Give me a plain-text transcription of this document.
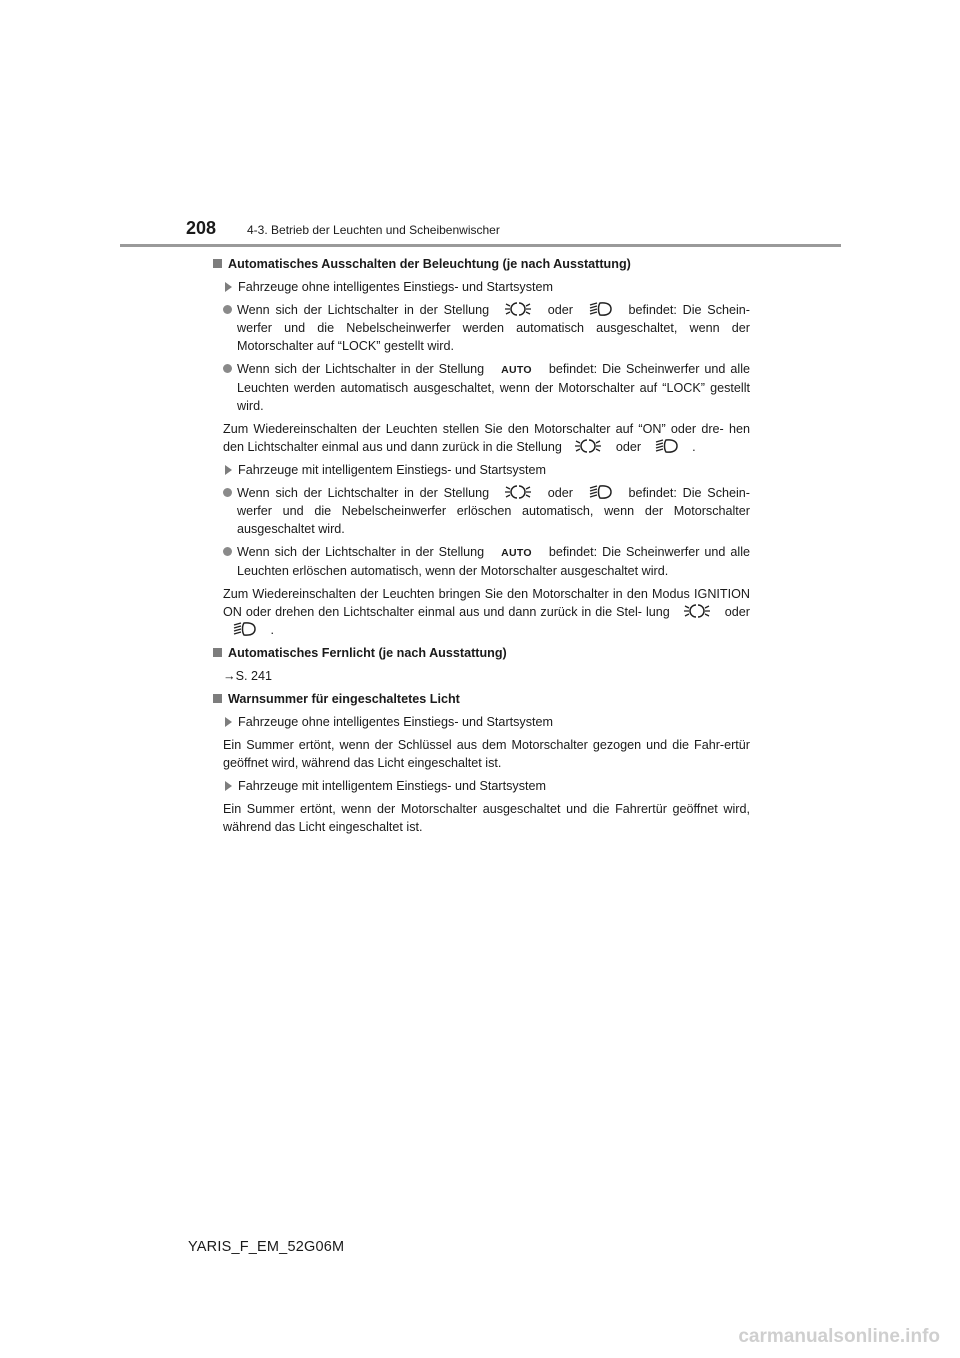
208	4-3. Betrieb der Leuchten und Scheibenwischer
Automatisches Ausschalten der Beleuchtung (je nach Ausstattung)
Fahrzeuge ohne intelligentes Einstiegs- und Startsystem
Wenn sich der Lichtschalter in der Stellung	oder	befindet: Die Schein- werfer und die Nebelscheinwerfer werden automatisch ausgeschaltet, wenn der Motorschalter auf “LOCK” gestellt wird.
Wenn sich der Lichtschalter in der Stellung AUTO befindet: Die Scheinwerfer und alle Leuchten werden automatisch ausgeschaltet, wenn der Motorschalter auf “LOCK” gestellt wird.
Zum Wiedereinschalten der Leuchten stellen Sie den Motorschalter auf “ON” oder dre- hen den Lichtschalter einmal aus und dann zurück in die Stellung	oder	.
Fahrzeuge mit intelligentem Einstiegs- und Startsystem
Wenn sich der Lichtschalter in der Stellung	oder	befindet: Die Schein- werfer und die Nebelscheinwerfer erlöschen automatisch, wenn der Motorschalter ausgeschaltet wird.
Wenn sich der Lichtschalter in der Stellung AUTO befindet: Die Scheinwerfer und alle Leuchten erlöschen automatisch, wenn der Motorschalter ausgeschaltet wird.
Zum Wiedereinschalten der Leuchten bringen Sie den Motorschalter in den Modus IGNITION ON oder drehen den Lichtschalter einmal aus und dann zurück in die Stel- lung	oder  .
Automatisches Fernlicht (je nach Ausstattung)
→S. 241
Warnsummer für eingeschaltetes Licht
Fahrzeuge ohne intelligentes Einstiegs- und Startsystem
Ein Summer ertönt, wenn der Schlüssel aus dem Motorschalter gezogen und die Fahr-ertür geöffnet wird, während das Licht eingeschaltet ist.
Fahrzeuge mit intelligentem Einstiegs- und Startsystem
Ein Summer ertönt, wenn der Motorschalter ausgeschaltet und die Fahrertür geöffnet wird, während das Licht eingeschaltet ist.
YARIS_F_EM_52G06M
carmanualsonline.info
